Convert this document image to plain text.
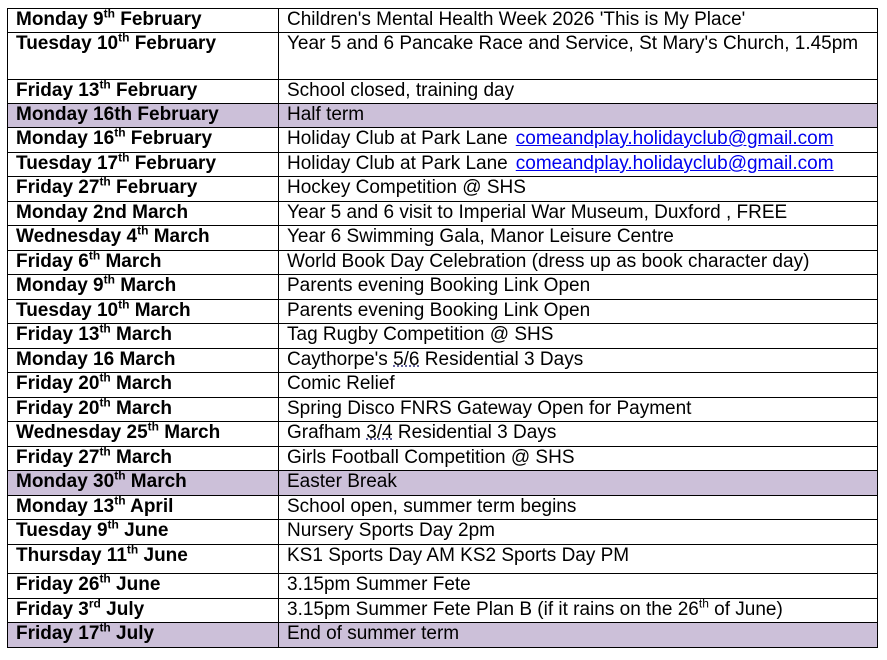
Monday 9th February	Children's Mental Health Week 2026 'This is My Place'
Tuesday 10th February	Year 5 and 6 Pancake Race and Service, St Mary's Church, 1.45pm
Friday 13th February	School closed, training day
Monday 16th February	Half term
Monday 16th February	Holiday Club at Park Lane comeandplay.holidayclub@gmail.com
Tuesday 17th February	Holiday Club at Park Lane comeandplay.holidayclub@gmail.com
Friday 27th February	Hockey Competition @ SHS
Monday 2nd March	Year 5 and 6 visit to Imperial War Museum, Duxford , FREE
Wednesday 4th March	Year 6 Swimming Gala, Manor Leisure Centre
Friday 6th March	World Book Day Celebration (dress up as book character day)
Monday 9th March	Parents evening Booking Link Open
Tuesday 10th March	Parents evening Booking Link Open
Friday 13th March	Tag Rugby Competition @ SHS
Monday 16 March	Caythorpe's 5/6 Residential 3 Days
Friday 20th March	Comic Relief
Friday 20th March	Spring Disco FNRS Gateway Open for Payment
Wednesday 25th March	Grafham 3/4 Residential 3 Days
Friday 27th March	Girls Football Competition @ SHS
Monday 30th March	Easter Break
Monday 13th April	School open, summer term begins
Tuesday 9th June	Nursery Sports Day 2pm
Thursday 11th June	KS1 Sports Day AM KS2 Sports Day PM
Friday 26th June	3.15pm Summer Fete
Friday 3rd July	3.15pm Summer Fete Plan B (if it rains on the 26th of June)
Friday 17th July	End of summer term
